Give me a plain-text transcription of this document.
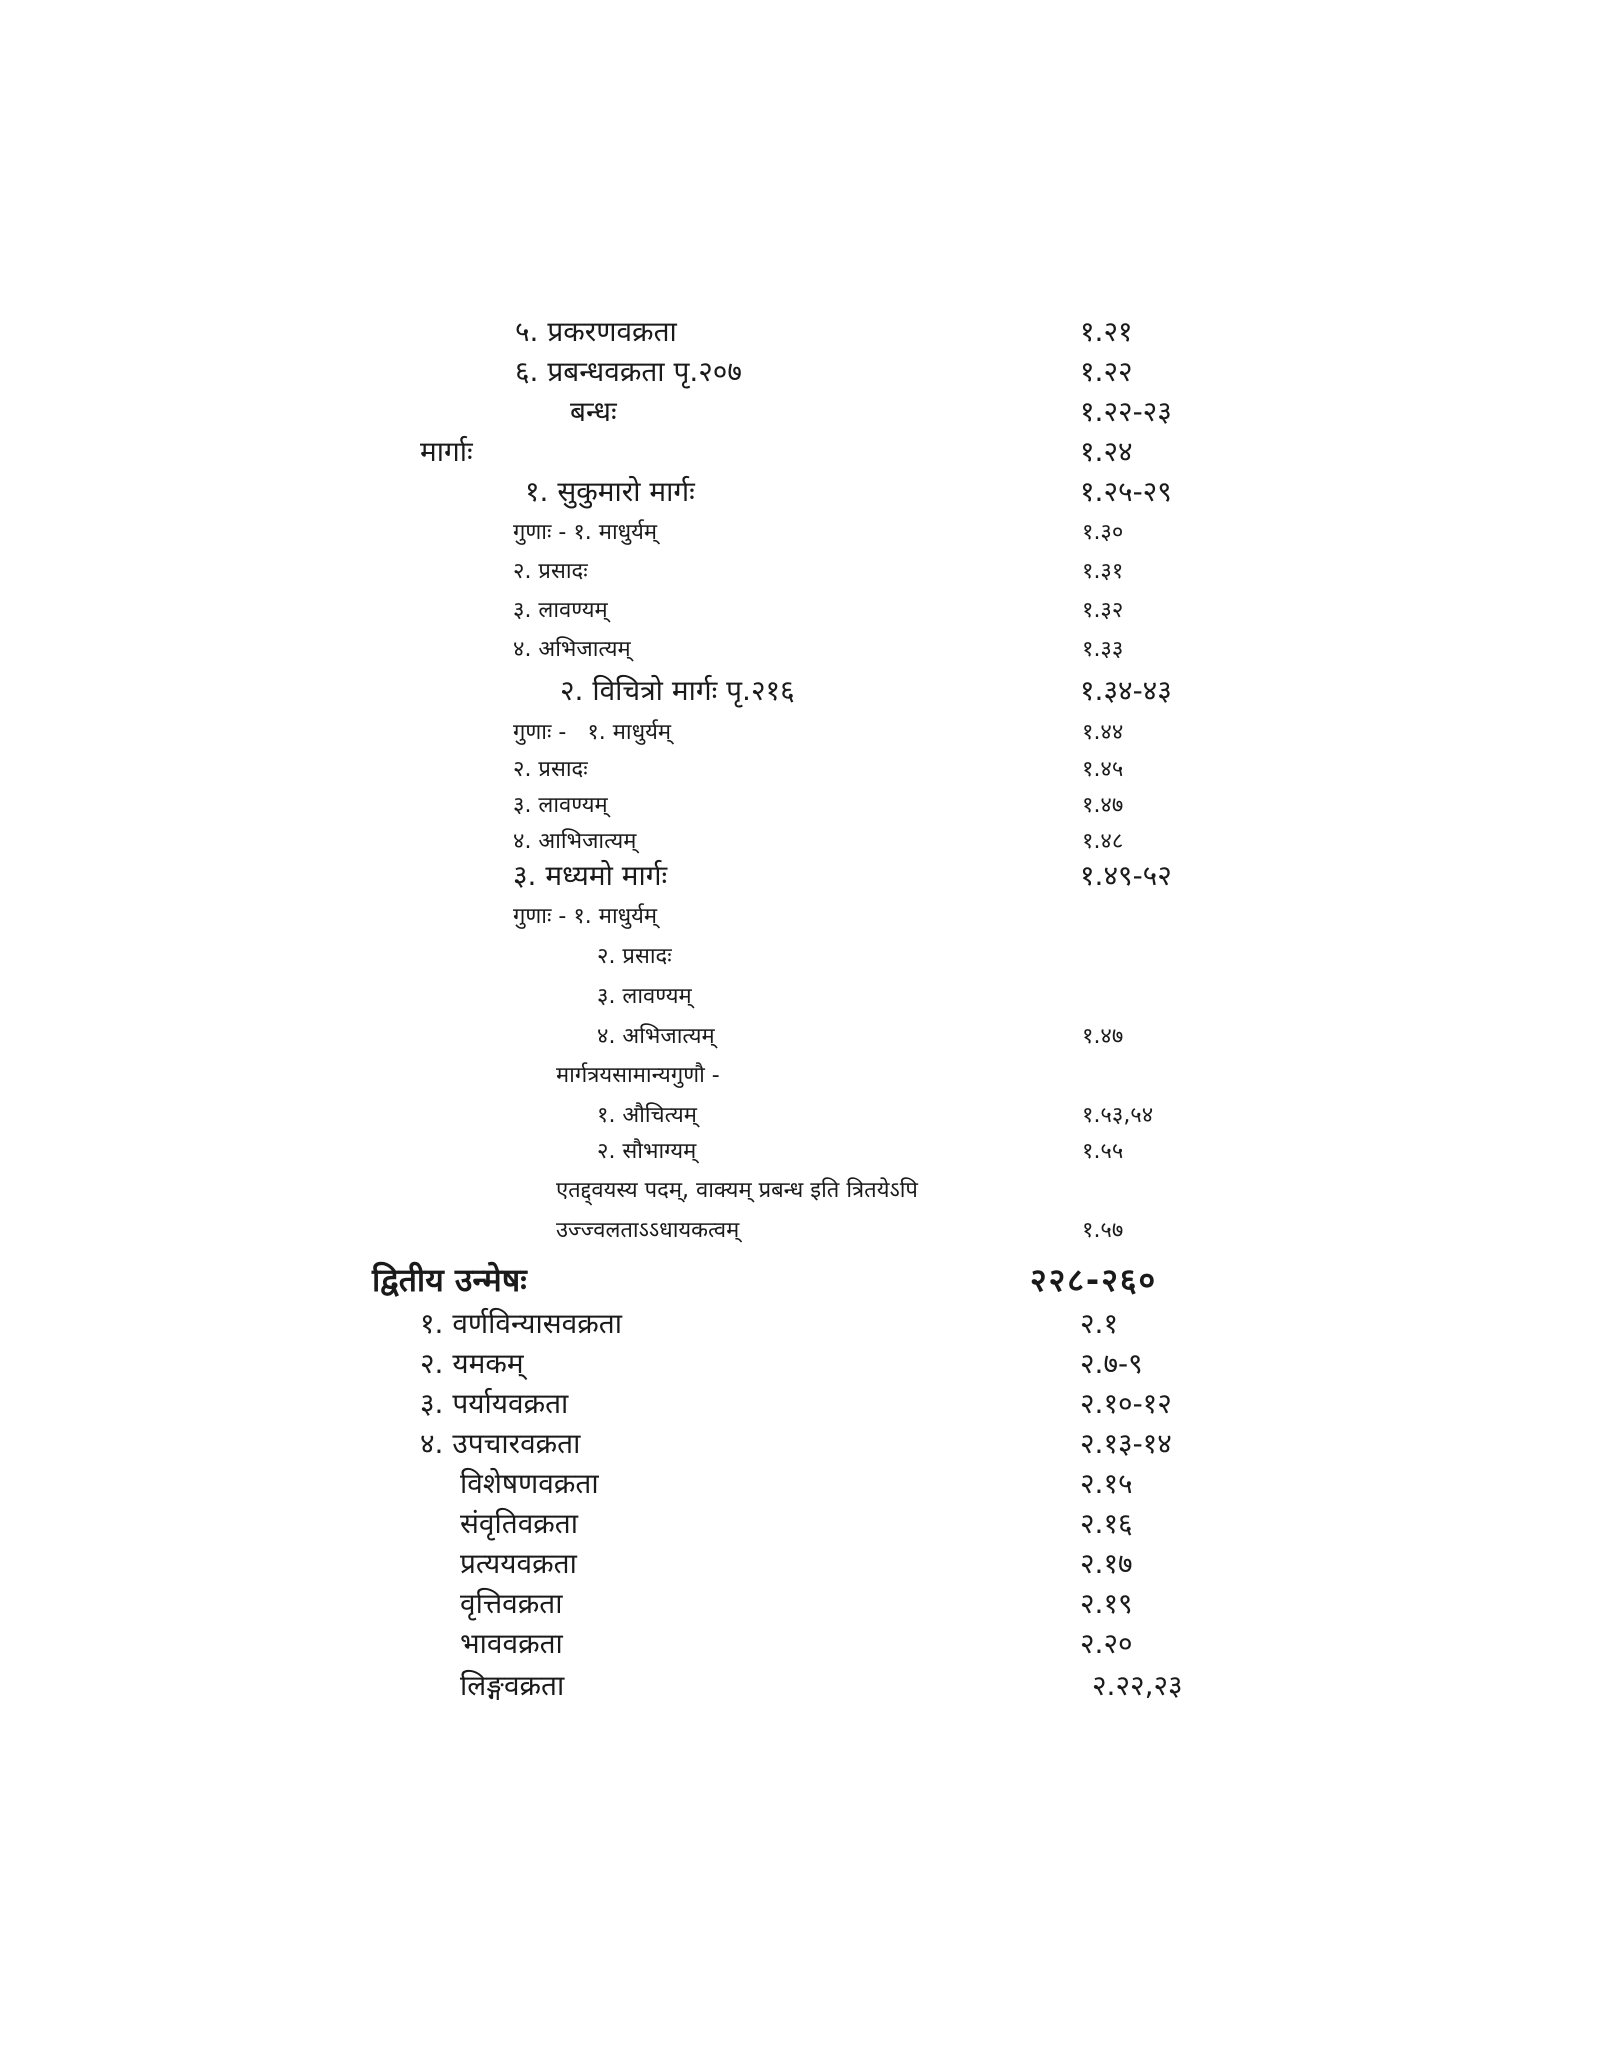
५. प्रकरणवक्रता	१.२१
६. प्रबन्धवक्रता पृ.२०७	१.२२
बन्धः	१.२२-२३
मार्गाः	१.२४
१. सुकुमारो मार्गः	१.२५-२९
गुणाः - १. माधुर्यम्	१.३०
२. प्रसादः	१.३१
३. लावण्यम्	१.३२
४. अभिजात्यम्	१.३३
२. विचित्रो मार्गः पृ.२१६	१.३४-४३
गुणाः -   १. माधुर्यम्	१.४४
२. प्रसादः	१.४५
३. लावण्यम्	१.४७
४. आभिजात्यम्	१.४८
३. मध्यमो मार्गः	१.४९-५२
गुणाः - १. माधुर्यम्
२. प्रसादः
३. लावण्यम्
४. अभिजात्यम्	१.४७
मार्गत्रयसामान्यगुणौ -
१. औचित्यम्	१.५३,५४
२. सौभाग्यम्	१.५५
एतद्द्वयस्य पदम्, वाक्यम् प्रबन्ध इति त्रितयेऽपि
उज्ज्वलताऽऽधायकत्वम्	१.५७
द्वितीय उन्मेषः	२२८-२६०
१. वर्णविन्यासवक्रता	२.१
२. यमकम्	२.७-९
३. पर्यायवक्रता	२.१०-१२
४. उपचारवक्रता	२.१३-१४
विशेषणवक्रता	२.१५
संवृतिवक्रता	२.१६
प्रत्ययवक्रता	२.१७
वृत्तिवक्रता	२.१९
भाववक्रता	२.२०
लिङ्गवक्रता	२.२२,२३
